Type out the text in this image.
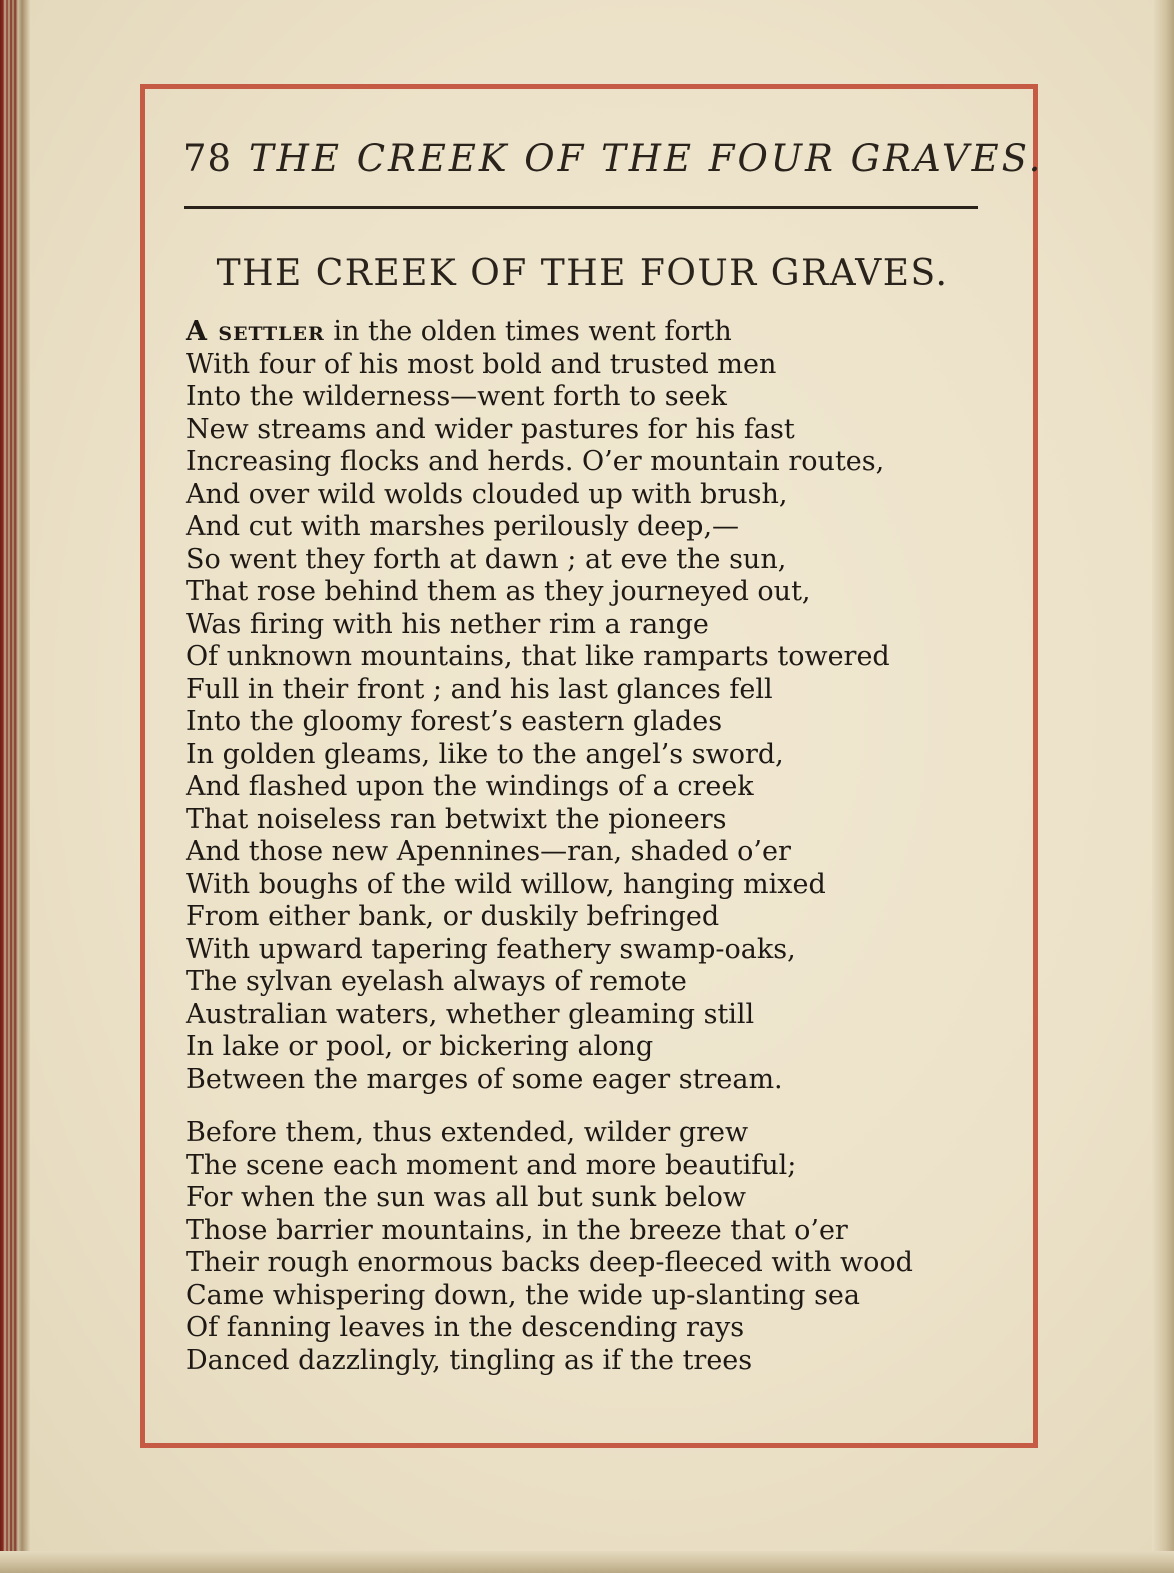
78 THE CREEK OF THE FOUR GRAVES.
THE CREEK OF THE FOUR GRAVES.
A settler in the olden times went forth
With four of his most bold and trusted men
Into the wilderness—went forth to seek
New streams and wider pastures for his fast
Increasing flocks and herds. O’er mountain routes,
And over wild wolds clouded up with brush,
And cut with marshes perilously deep,—
So went they forth at dawn ; at eve the sun,
That rose behind them as they journeyed out,
Was firing with his nether rim a range
Of unknown mountains, that like ramparts towered
Full in their front ; and his last glances fell
Into the gloomy forest’s eastern glades
In golden gleams, like to the angel’s sword,
And flashed upon the windings of a creek
That noiseless ran betwixt the pioneers
And those new Apennines—ran, shaded o’er
With boughs of the wild willow, hanging mixed
From either bank, or duskily befringed
With upward tapering feathery swamp-oaks,
The sylvan eyelash always of remote
Australian waters, whether gleaming still
In lake or pool, or bickering along
Between the marges of some eager stream.
Before them, thus extended, wilder grew
The scene each moment and more beautiful;
For when the sun was all but sunk below
Those barrier mountains, in the breeze that o’er
Their rough enormous backs deep-fleeced with wood
Came whispering down, the wide up-slanting sea
Of fanning leaves in the descending rays
Danced dazzlingly, tingling as if the trees
